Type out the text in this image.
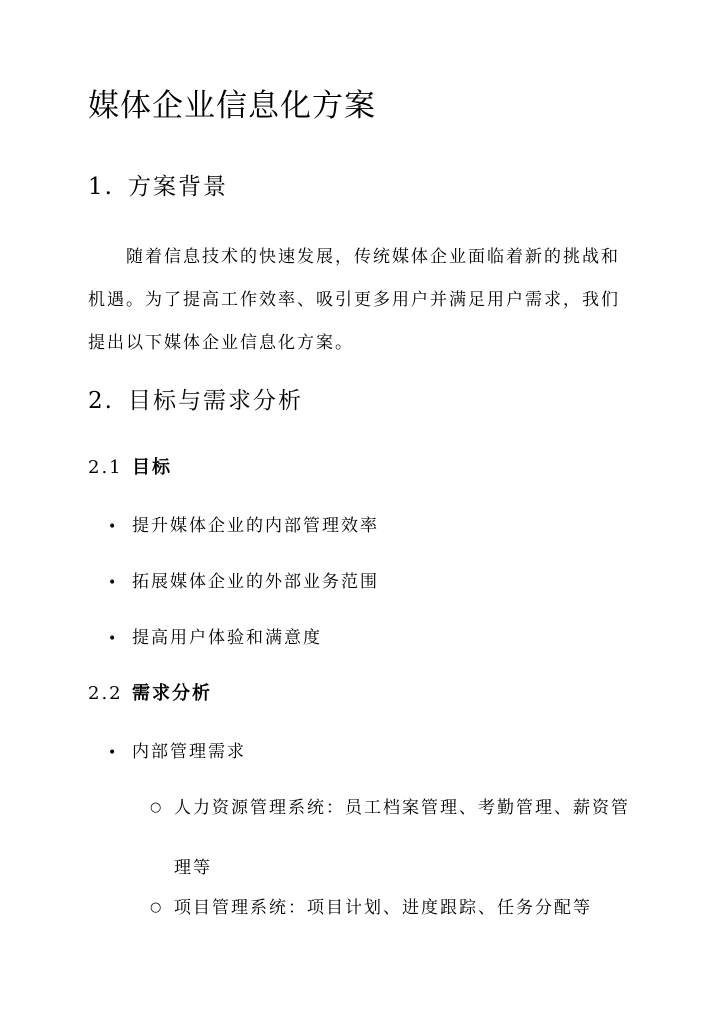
媒体企业信息化方案
1. 方案背景

随着信息技术的快速发展，传统媒体企业面临着新的挑战和机遇。为了提高工作效率、吸引更多用户并满足用户需求，我们提出以下媒体企业信息化方案。

2. 目标与需求分析
2.1 目标
• 提升媒体企业的内部管理效率
• 拓展媒体企业的外部业务范围
• 提高用户体验和满意度
2.2 需求分析
• 内部管理需求
○ 人力资源管理系统：员工档案管理、考勤管理、薪资管理等
○ 项目管理系统：项目计划、进度跟踪、任务分配等
